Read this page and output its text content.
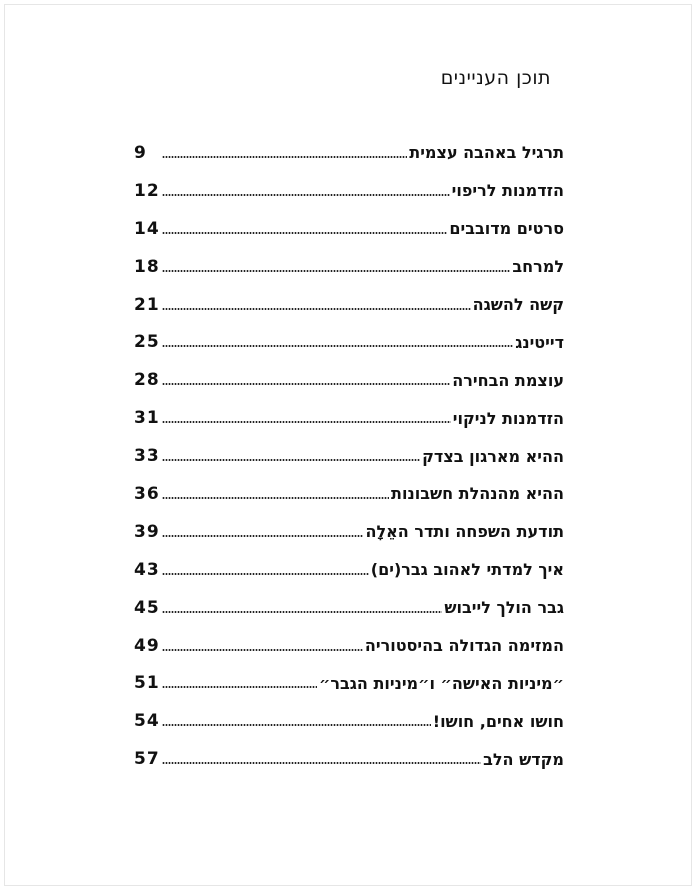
תוכן העניינים
9	תרגיל באהבה עצמית
12	הזדמנות לריפוי
14	סרטים מדובבים
18	למרחב
21	קשה להשגה
25	דייטינג
28	עוצמת הבחירה
31	הזדמנות לניקוי
33	ההיא מארגון בצדק
36	ההיא מהנהלת חשבונות
39	תודעת השפחה ותדר האֵלָה
43	איך למדתי לאהוב גבר(ים)
45	גבר הולך לייבוש
49	המזימה הגדולה בהיסטוריה
51	״מיניות האישה״ ו״מיניות הגבר״
54	חושו אחים, חושו!
57	מקדש הלב
